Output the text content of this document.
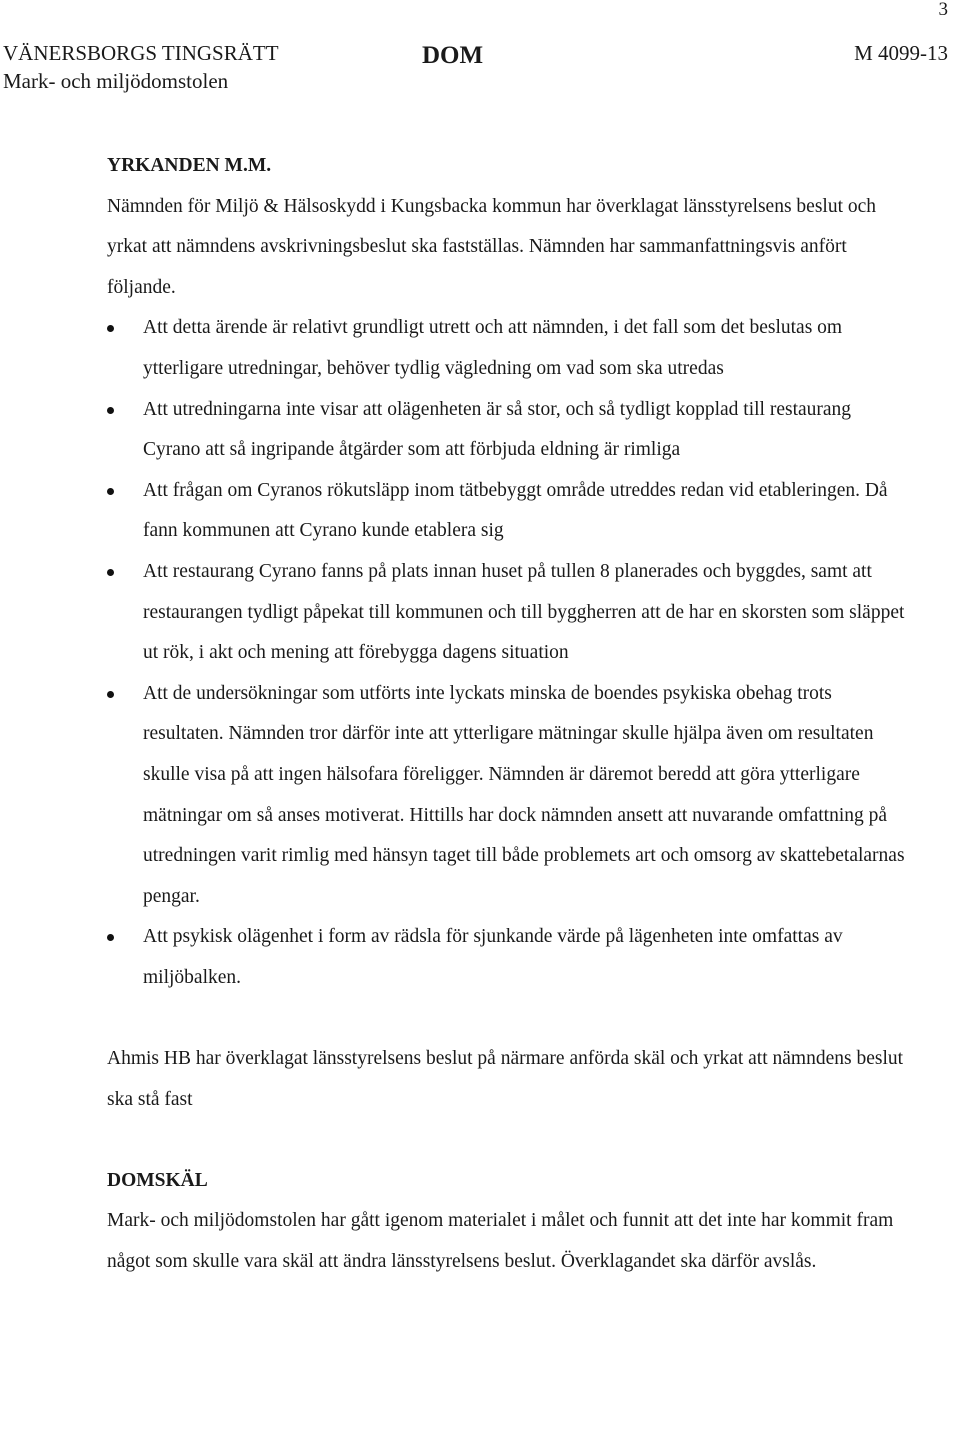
3
VÄNERSBORGS TINGSRÄTT
Mark- och miljödomstolen
DOM	M 4099-13
YRKANDEN M.M.

Nämnden för Miljö & Hälsoskydd i Kungsbacka kommun har överklagat länsstyrelsens beslut och yrkat att nämndens avskrivningsbeslut ska fastställas. Nämnden har sammanfattningsvis anfört följande.

Att detta ärende är relativt grundligt utrett och att nämnden, i det fall som det beslutas om ytterligare utredningar, behöver tydlig vägledning om vad som ska utredas
Att utredningarna inte visar att olägenheten är så stor, och så tydligt kopplad till restaurang Cyrano att så ingripande åtgärder som att förbjuda eldning är rimliga
Att frågan om Cyranos rökutsläpp inom tätbebyggt område utreddes redan vid etableringen. Då fann kommunen att Cyrano kunde etablera sig
Att restaurang Cyrano fanns på plats innan huset på tullen 8 planerades och byggdes, samt att restaurangen tydligt påpekat till kommunen och till byggherren att de har en skorsten som släppet ut rök, i akt och mening att förebygga dagens situation
Att de undersökningar som utförts inte lyckats minska de boendes psykiska obehag trots resultaten. Nämnden tror därför inte att ytterligare mätningar skulle hjälpa även om resultaten skulle visa på att ingen hälsofara föreligger. Nämnden är däremot beredd att göra ytterligare mätningar om så anses motiverat. Hittills har dock nämnden ansett att nuvarande omfattning på utredningen varit rimlig med hänsyn taget till både problemets art och omsorg av skattebetalarnas pengar.
Att psykisk olägenhet i form av rädsla för sjunkande värde på lägenheten inte omfattas av miljöbalken.

Ahmis HB har överklagat länsstyrelsens beslut på närmare anförda skäl och yrkat att nämndens beslut ska stå fast

DOMSKÄL

Mark- och miljödomstolen har gått igenom materialet i målet och funnit att det inte har kommit fram något som skulle vara skäl att ändra länsstyrelsens beslut. Överklagandet ska därför avslås.
